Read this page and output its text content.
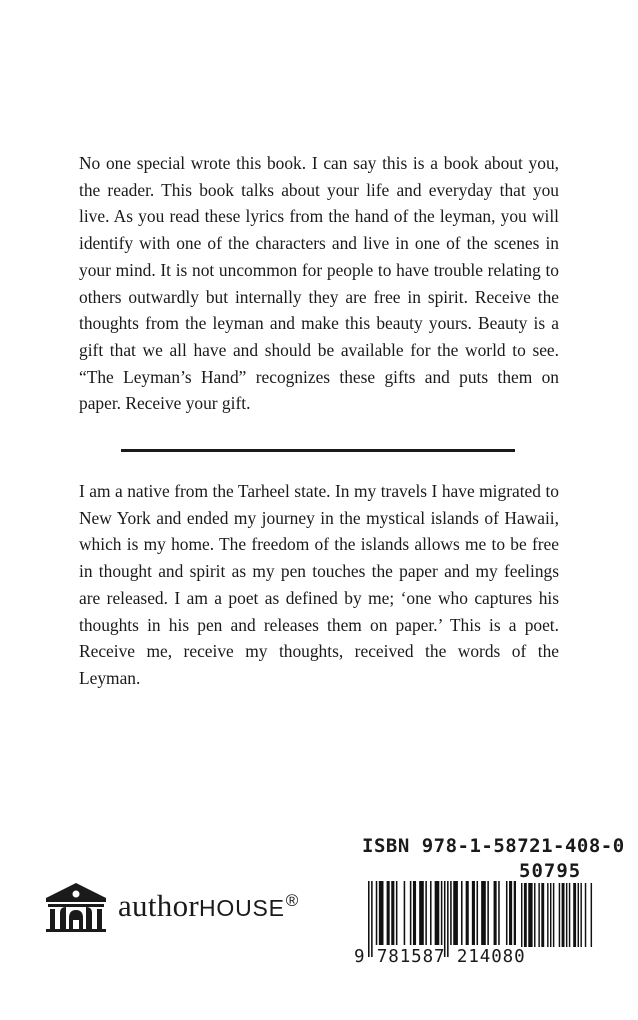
No one special wrote this book. I can say this is a book about you, the reader. This book talks about your life and everyday that you live. As you read these lyrics from the hand of the leyman, you will identify with one of the characters and live in one of the scenes in your mind. It is not uncommon for people to have trouble relating to others outwardly but internally they are free in spirit. Receive the thoughts from the leyman and make this beauty yours. Beauty is a gift that we all have and should be available for the world to see. “The Leyman’s Hand” recognizes these gifts and puts them on paper. Receive your gift.

I am a native from the Tarheel state. In my travels I have migrated to New York and ended my journey in the mystical islands of Hawaii, which is my home. The freedom of the islands allows me to be free in thought and spirit as my pen touches the paper and my feelings are released. I am a poet as defined by me; ‘one who captures his thoughts in his pen and releases them on paper.’ This is a poet. Receive me, receive my thoughts, received the words of the Leyman.

authorHOUSE®
ISBN 978-1-58721-408-0
50795
9 781587 214080
